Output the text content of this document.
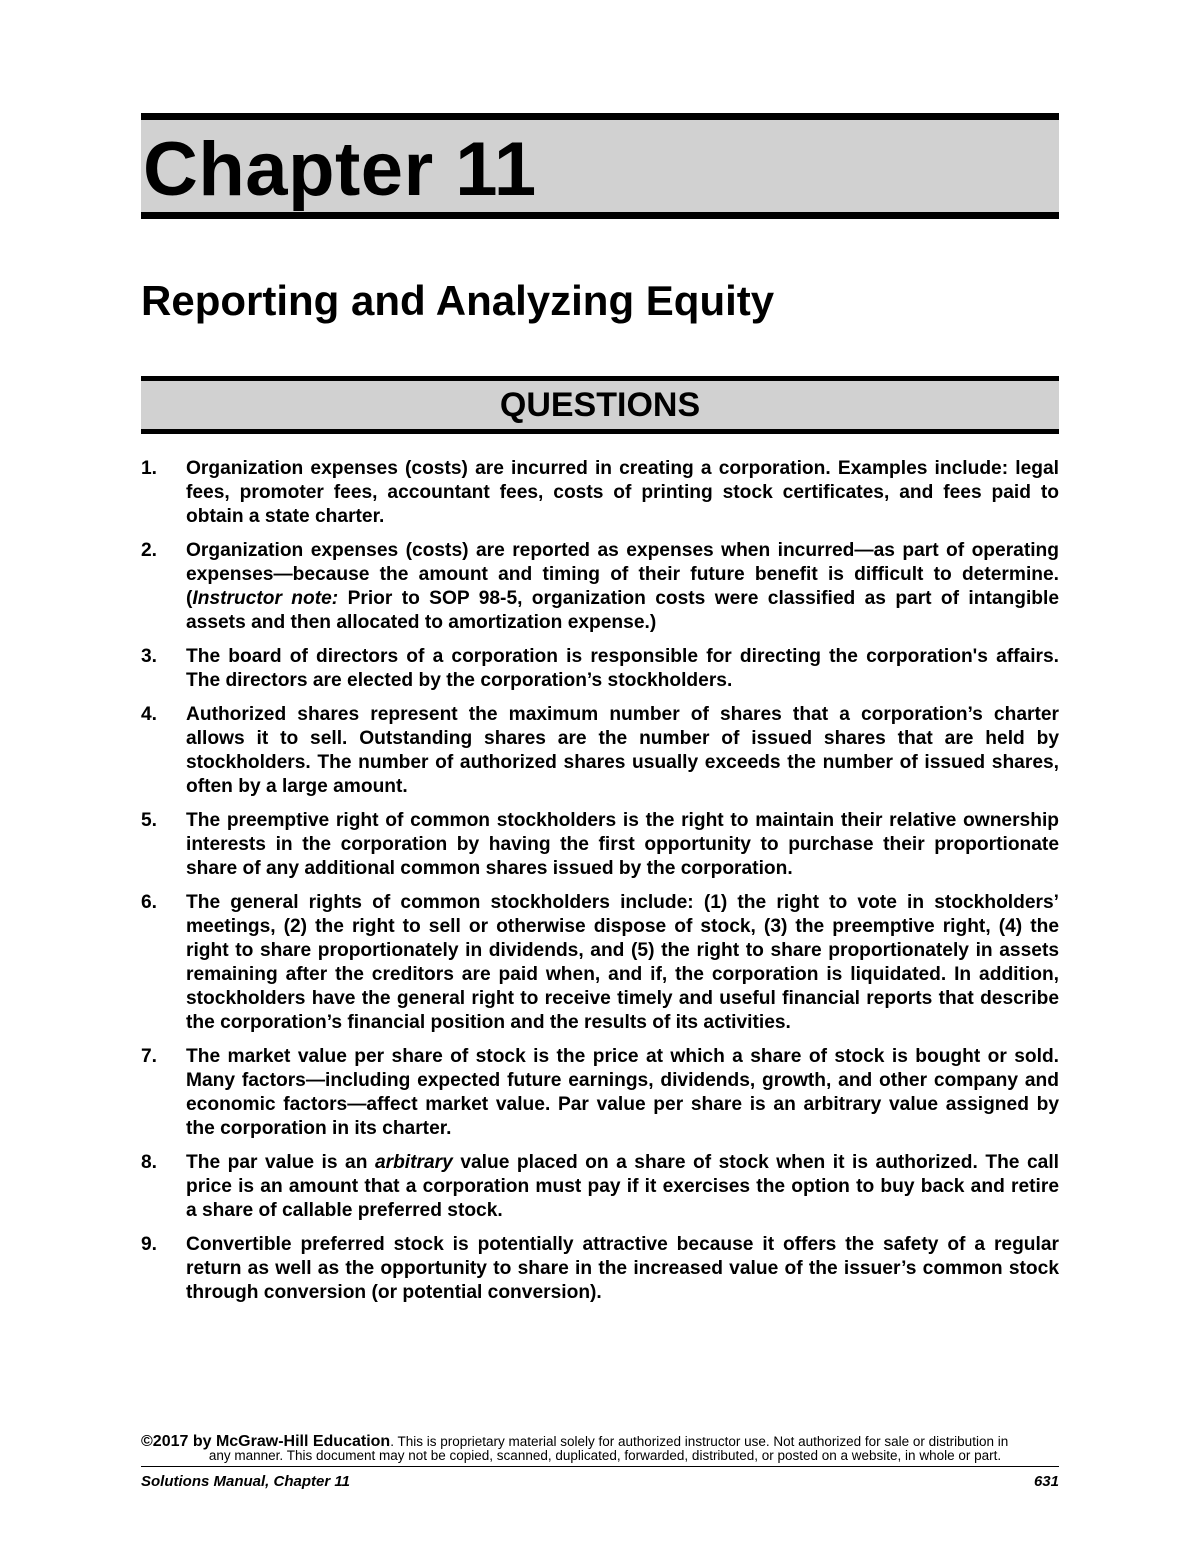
Chapter 11
Reporting and Analyzing Equity
QUESTIONS
1. Organization expenses (costs) are incurred in creating a corporation. Examples include: legal fees, promoter fees, accountant fees, costs of printing stock certificates, and fees paid to obtain a state charter.
2. Organization expenses (costs) are reported as expenses when incurred—as part of operating expenses—because the amount and timing of their future benefit is difficult to determine. (Instructor note: Prior to SOP 98-5, organization costs were classified as part of intangible assets and then allocated to amortization expense.)
3. The board of directors of a corporation is responsible for directing the corporation's affairs. The directors are elected by the corporation’s stockholders.
4. Authorized shares represent the maximum number of shares that a corporation’s charter allows it to sell. Outstanding shares are the number of issued shares that are held by stockholders. The number of authorized shares usually exceeds the number of issued shares, often by a large amount.
5. The preemptive right of common stockholders is the right to maintain their relative ownership interests in the corporation by having the first opportunity to purchase their proportionate share of any additional common shares issued by the corporation.
6. The general rights of common stockholders include: (1) the right to vote in stockholders’ meetings, (2) the right to sell or otherwise dispose of stock, (3) the preemptive right, (4) the right to share proportionately in dividends, and (5) the right to share proportionately in assets remaining after the creditors are paid when, and if, the corporation is liquidated. In addition, stockholders have the general right to receive timely and useful financial reports that describe the corporation’s financial position and the results of its activities.
7. The market value per share of stock is the price at which a share of stock is bought or sold. Many factors—including expected future earnings, dividends, growth, and other company and economic factors—affect market value. Par value per share is an arbitrary value assigned by the corporation in its charter.
8. The par value is an arbitrary value placed on a share of stock when it is authorized. The call price is an amount that a corporation must pay if it exercises the option to buy back and retire a share of callable preferred stock.
9. Convertible preferred stock is potentially attractive because it offers the safety of a regular return as well as the opportunity to share in the increased value of the issuer’s common stock through conversion (or potential conversion).
©2017 by McGraw-Hill Education. This is proprietary material solely for authorized instructor use. Not authorized for sale or distribution in
any manner. This document may not be copied, scanned, duplicated, forwarded, distributed, or posted on a website, in whole or part.
Solutions Manual, Chapter 11	631
